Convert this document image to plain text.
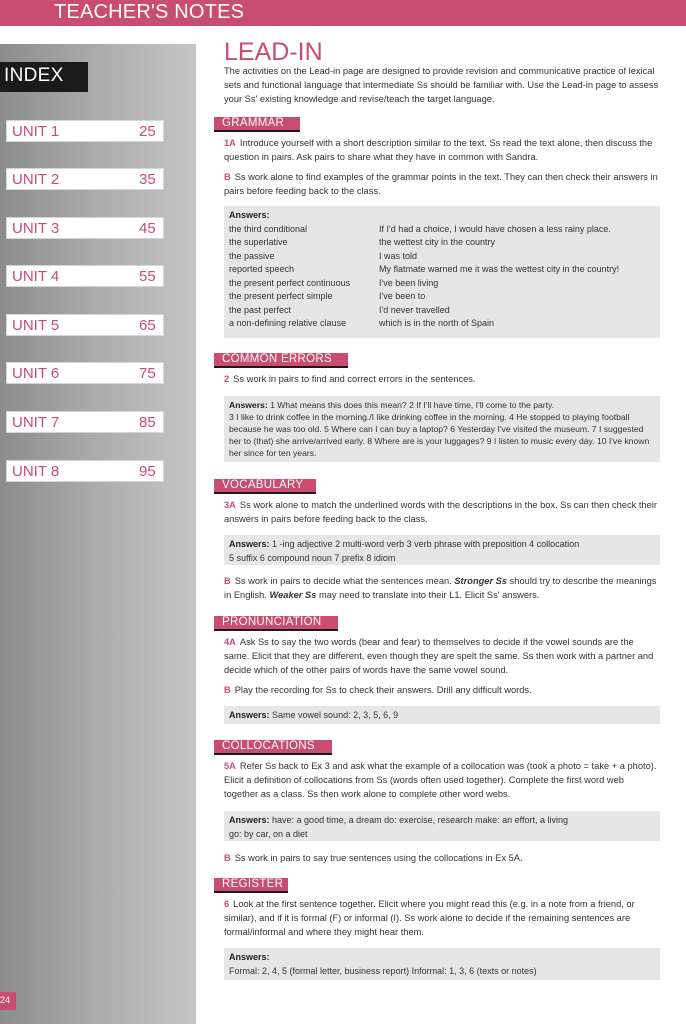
TEACHER'S NOTES
INDEX
UNIT 1	25
UNIT 2	35
UNIT 3	45
UNIT 4	55
UNIT 5	65
UNIT 6	75
UNIT 7	85
UNIT 8	95
24
LEAD-IN
The activities on the Lead-in page are designed to provide revision and communicative practice of lexical sets and functional language that intermediate Ss should be familiar with. Use the Lead-in page to assess your Ss' existing knowledge and revise/teach the target language.
GRAMMAR
1A Introduce yourself with a short description similar to the text. Ss read the text alone, then discuss the question in pairs. Ask pairs to share what they have in common with Sandra.
B Ss work alone to find examples of the grammar points in the text. They can then check their answers in pairs before feeding back to the class.
Answers:
the third conditional	If I'd had a choice, I would have chosen a less rainy place.
the superlative	the wettest city in the country
the passive	I was told
reported speech	My flatmate warned me it was the wettest city in the country!
the present perfect continuous	I've been living
the present perfect simple	I've been to
the past perfect	I'd never travelled
a non-defining relative clause	which is in the north of Spain
COMMON ERRORS
2 Ss work in pairs to find and correct errors in the sentences.
Answers: 1 What means this does this mean? 2 If I'll have time, I'll come to the party.
3 I like to drink coffee in the morning./I like drinking coffee in the morning. 4 He stopped to playing football because he was too old. 5 Where can I can buy a laptop? 6 Yesterday I've visited the museum. 7 I suggested her to (that) she arrive/arrived early. 8 Where are is your luggages? 9 I listen to music every day. 10 I've known her since for ten years.
VOCABULARY
3A Ss work alone to match the underlined words with the descriptions in the box. Ss can then check their answers in pairs before feeding back to the class.
Answers: 1 -ing adjective 2 multi-word verb 3 verb phrase with preposition 4 collocation
5 suffix 6 compound noun 7 prefix 8 idiom
B Ss work in pairs to decide what the sentences mean. Stronger Ss should try to describe the meanings in English. Weaker Ss may need to translate into their L1. Elicit Ss' answers.
PRONUNCIATION
4A Ask Ss to say the two words (bear and fear) to themselves to decide if the vowel sounds are the same. Elicit that they are different, even though they are spelt the same. Ss then work with a partner and decide which of the other pairs of words have the same vowel sound.
B Play the recording for Ss to check their answers. Drill any difficult words.
Answers: Same vowel sound: 2, 3, 5, 6, 9
COLLOCATIONS
5A Refer Ss back to Ex 3 and ask what the example of a collocation was (took a photo = take + a photo). Elicit a definition of collocations from Ss (words often used together). Complete the first word web together as a class. Ss then work alone to complete other word webs.
Answers: have: a good time, a dream do: exercise, research make: an effort, a living
go: by car, on a diet
B Ss work in pairs to say true sentences using the collocations in Ex 5A.
REGISTER
6 Look at the first sentence together. Elicit where you might read this (e.g. in a note from a friend, or similar), and if it is formal (F) or informal (I). Ss work alone to decide if the remaining sentences are formal/informal and where they might hear them.
Answers:
Formal: 2, 4, 5 (formal letter, business report) Informal: 1, 3, 6 (texts or notes)
